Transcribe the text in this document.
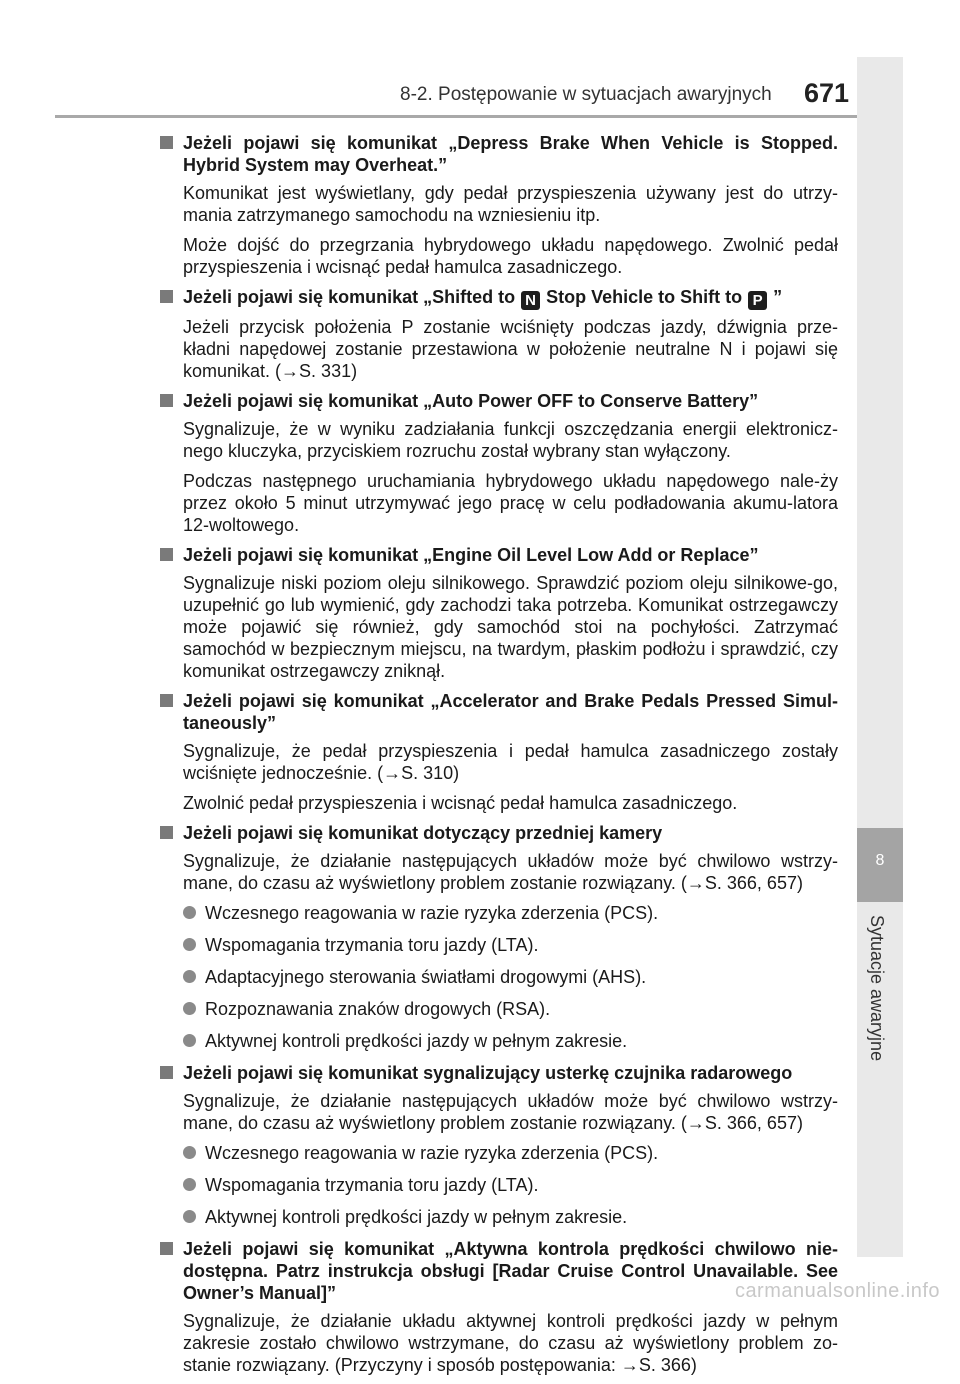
8-2. Postępowanie w sytuacjach awaryjnych 671
8
Sytuacje awaryjne
Jeżeli pojawi się komunikat „Depress Brake When Vehicle is Stopped. Hybrid System may Overheat.”
Komunikat jest wyświetlany, gdy pedał przyspieszenia używany jest do utrzy-mania zatrzymanego samochodu na wzniesieniu itp.
Może dojść do przegrzania hybrydowego układu napędowego. Zwolnić pedał przyspieszenia i wcisnąć pedał hamulca zasadniczego.
Jeżeli pojawi się komunikat „Shifted to N Stop Vehicle to Shift to P ”
Jeżeli przycisk położenia P zostanie wciśnięty podczas jazdy, dźwignia prze-kładni napędowej zostanie przestawiona w położenie neutralne N i pojawi się komunikat. (→S. 331)
Jeżeli pojawi się komunikat „Auto Power OFF to Conserve Battery”
Sygnalizuje, że w wyniku zadziałania funkcji oszczędzania energii elektronicz-nego kluczyka, przyciskiem rozruchu został wybrany stan wyłączony.
Podczas następnego uruchamiania hybrydowego układu napędowego nale-ży przez około 5 minut utrzymywać jego pracę w celu podładowania akumu-latora 12-woltowego.
Jeżeli pojawi się komunikat „Engine Oil Level Low Add or Replace”
Sygnalizuje niski poziom oleju silnikowego. Sprawdzić poziom oleju silnikowe-go, uzupełnić go lub wymienić, gdy zachodzi taka potrzeba. Komunikat ostrzegawczy może pojawić się również, gdy samochód stoi na pochyłości. Zatrzymać samochód w bezpiecznym miejscu, na twardym, płaskim podłożu i sprawdzić, czy komunikat ostrzegawczy zniknął.
Jeżeli pojawi się komunikat „Accelerator and Brake Pedals Pressed Simul-taneously”
Sygnalizuje, że pedał przyspieszenia i pedał hamulca zasadniczego zostały wciśnięte jednocześnie. (→S. 310)
Zwolnić pedał przyspieszenia i wcisnąć pedał hamulca zasadniczego.
Jeżeli pojawi się komunikat dotyczący przedniej kamery
Sygnalizuje, że działanie następujących układów może być chwilowo wstrzy-mane, do czasu aż wyświetlony problem zostanie rozwiązany. (→S. 366, 657)
Wczesnego reagowania w razie ryzyka zderzenia (PCS).
Wspomagania trzymania toru jazdy (LTA).
Adaptacyjnego sterowania światłami drogowymi (AHS).
Rozpoznawania znaków drogowych (RSA).
Aktywnej kontroli prędkości jazdy w pełnym zakresie.
Jeżeli pojawi się komunikat sygnalizujący usterkę czujnika radarowego
Sygnalizuje, że działanie następujących układów może być chwilowo wstrzy-mane, do czasu aż wyświetlony problem zostanie rozwiązany. (→S. 366, 657)
Wczesnego reagowania w razie ryzyka zderzenia (PCS).
Wspomagania trzymania toru jazdy (LTA).
Aktywnej kontroli prędkości jazdy w pełnym zakresie.
Jeżeli pojawi się komunikat „Aktywna kontrola prędkości chwilowo nie-dostępna. Patrz instrukcja obsługi [Radar Cruise Control Unavailable. See Owner’s Manual]”
Sygnalizuje, że działanie układu aktywnej kontroli prędkości jazdy w pełnym zakresie zostało chwilowo wstrzymane, do czasu aż wyświetlony problem zo-stanie rozwiązany. (Przyczyny i sposób postępowania: →S. 366)
carmanualsonline.info
